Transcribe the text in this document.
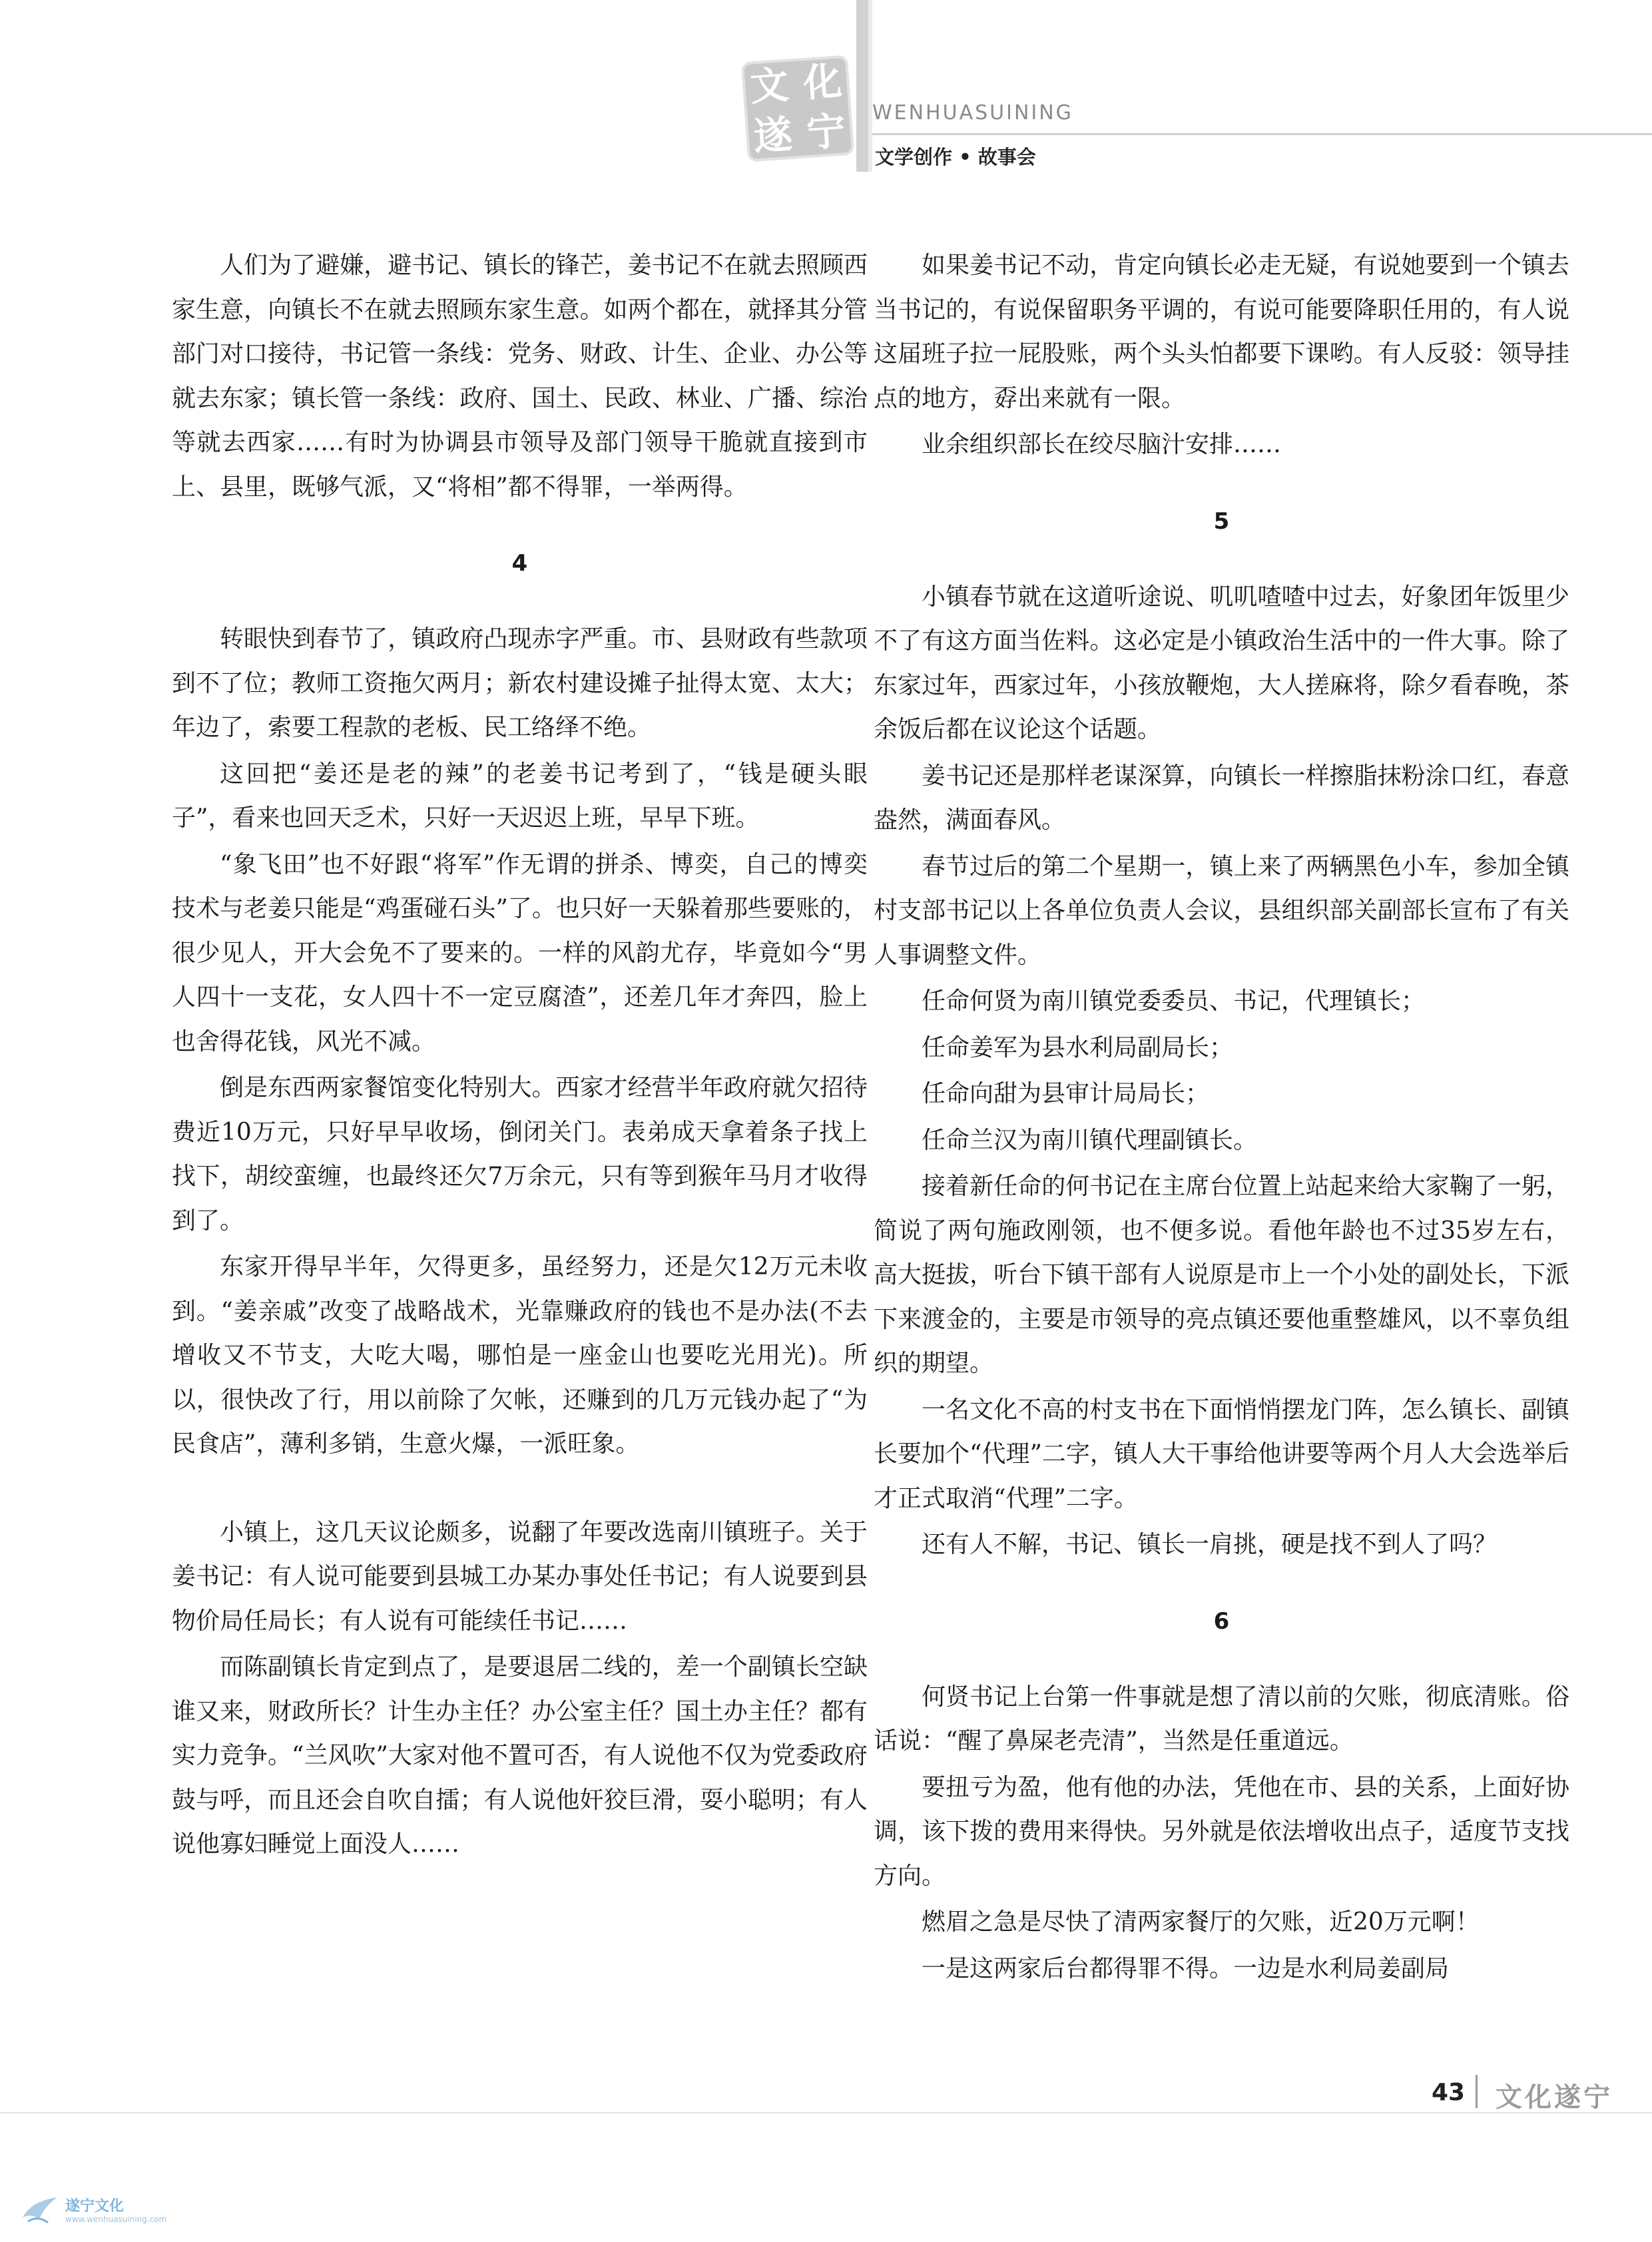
文 化
遂 宁 WENHUASUINING
文学创作 • 故事会

人们为了避嫌，避书记、镇长的锋芒，姜书记不在就去照顾西家生意，向镇长不在就去照顾东家生意。如两个都在，就择其分管部门对口接待，书记管一条线：党务、财政、计生、企业、办公等就去东家；镇长管一条线：政府、国土、民政、林业、广播、综治等就去西家……有时为协调县市领导及部门领导干脆就直接到市上、县里，既够气派，又“将相”都不得罪，一举两得。

4

转眼快到春节了，镇政府凸现赤字严重。市、县财政有些款项到不了位；教师工资拖欠两月；新农村建设摊子扯得太宽、太大；年边了，索要工程款的老板、民工络绎不绝。

这回把“姜还是老的辣”的老姜书记考到了，“钱是硬头眼子”，看来也回天乏术，只好一天迟迟上班，早早下班。

“象飞田”也不好跟“将军”作无谓的拼杀、博奕，自己的博奕技术与老姜只能是“鸡蛋碰石头”了。也只好一天躲着那些要账的，很少见人，开大会免不了要来的。一样的风韵尤存，毕竟如今“男人四十一支花，女人四十不一定豆腐渣”，还差几年才奔四，脸上也舍得花钱，风光不减。

倒是东西两家餐馆变化特别大。西家才经营半年政府就欠招待费近10万元，只好早早收场，倒闭关门。表弟成天拿着条子找上找下，胡绞蛮缠，也最终还欠7万余元，只有等到猴年马月才收得到了。

东家开得早半年，欠得更多，虽经努力，还是欠12万元未收到。“姜亲戚”改变了战略战术，光靠赚政府的钱也不是办法(不去增收又不节支，大吃大喝，哪怕是一座金山也要吃光用光)。所以，很快改了行，用以前除了欠帐，还赚到的几万元钱办起了“为民食店”，薄利多销，生意火爆，一派旺象。

小镇上，这几天议论颇多，说翻了年要改选南川镇班子。关于姜书记：有人说可能要到县城工办某办事处任书记；有人说要到县物价局任局长；有人说有可能续任书记……

而陈副镇长肯定到点了，是要退居二线的，差一个副镇长空缺谁又来，财政所长？计生办主任？办公室主任？国土办主任？都有实力竞争。“兰风吹”大家对他不置可否，有人说他不仅为党委政府鼓与呼，而且还会自吹自擂；有人说他奸狡巨滑，耍小聪明；有人说他寡妇睡觉上面没人……

如果姜书记不动，肯定向镇长必走无疑，有说她要到一个镇去当书记的，有说保留职务平调的，有说可能要降职任用的，有人说这届班子拉一屁股账，两个头头怕都要下课哟。有人反驳：领导挂点的地方，孬出来就有一限。

业余组织部长在绞尽脑汁安排……

5

小镇春节就在这道听途说、叽叽喳喳中过去，好象团年饭里少不了有这方面当佐料。这必定是小镇政治生活中的一件大事。除了东家过年，西家过年，小孩放鞭炮，大人搓麻将，除夕看春晚，茶余饭后都在议论这个话题。

姜书记还是那样老谋深算，向镇长一样擦脂抹粉涂口红，春意盎然，满面春风。

春节过后的第二个星期一，镇上来了两辆黑色小车，参加全镇村支部书记以上各单位负责人会议，县组织部关副部长宣布了有关人事调整文件。

任命何贤为南川镇党委委员、书记，代理镇长；

任命姜军为县水利局副局长；

任命向甜为县审计局局长；

任命兰汉为南川镇代理副镇长。

接着新任命的何书记在主席台位置上站起来给大家鞠了一躬，简说了两句施政刚领，也不便多说。看他年龄也不过35岁左右，高大挺拔，听台下镇干部有人说原是市上一个小处的副处长，下派下来渡金的，主要是市领导的亮点镇还要他重整雄风，以不辜负组织的期望。

一名文化不高的村支书在下面悄悄摆龙门阵，怎么镇长、副镇长要加个“代理”二字，镇人大干事给他讲要等两个月人大会选举后才正式取消“代理”二字。

还有人不解，书记、镇长一肩挑，硬是找不到人了吗？

6

何贤书记上台第一件事就是想了清以前的欠账，彻底清账。俗话说：“醒了鼻屎老壳清”，当然是任重道远。

要扭亏为盈，他有他的办法，凭他在市、县的关系，上面好协调，该下拨的费用来得快。另外就是依法增收出点子，适度节支找方向。

燃眉之急是尽快了清两家餐厅的欠账，近20万元啊！

一是这两家后台都得罪不得。一边是水利局姜副局

43 文化遂宁
遂宁文化
www.wenhuasuining.com
